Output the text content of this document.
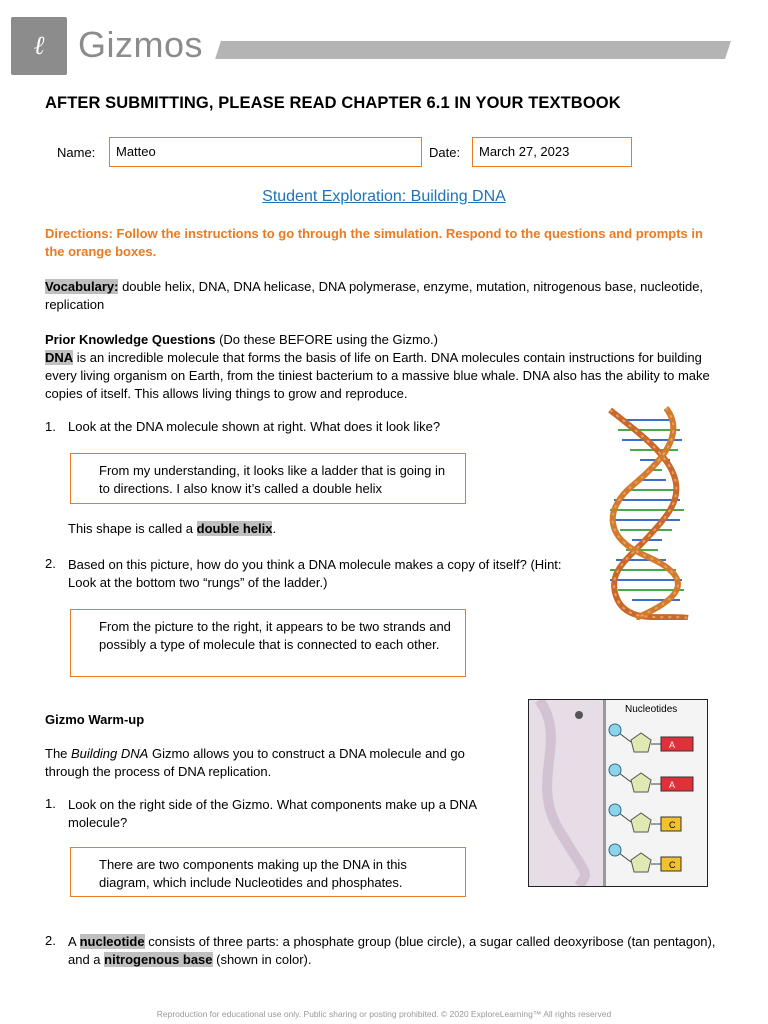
ℓ Gizmos
AFTER SUBMITTING, PLEASE READ CHAPTER 6.1 IN YOUR TEXTBOOK
Name:	Matteo	Date:	March 27, 2023
Student Exploration: Building DNA

Directions: Follow the instructions to go through the simulation. Respond to the questions and prompts in the orange boxes.

Vocabulary: double helix, DNA, DNA helicase, DNA polymerase, enzyme, mutation, nitrogenous base, nucleotide, replication

Prior Knowledge Questions (Do these BEFORE using the Gizmo.)

DNA is an incredible molecule that forms the basis of life on Earth. DNA molecules contain instructions for building every living organism on Earth, from the tiniest bacterium to a massive blue whale. DNA also has the ability to make copies of itself. This allows living things to grow and reproduce.

1. Look at the DNA molecule shown at right. What does it look like?
From my understanding, it looks like a ladder that is going in to directions. I also know it’s called a double helix
This shape is called a double helix.
2. Based on this picture, how do you think a DNA molecule makes a copy of itself? (Hint: Look at the bottom two “rungs” of the ladder.)
From the picture to the right, it appears to be two strands and possibly a type of molecule that is connected to each other.
Gizmo Warm-up

The Building DNA Gizmo allows you to construct a DNA molecule and go through the process of DNA replication.

1. Look on the right side of the Gizmo. What components make up a DNA molecule?
There are two components making up the DNA in this diagram, which include Nucleotides and phosphates.
Nucleotides
A
A
C
C
2. A nucleotide consists of three parts: a phosphate group (blue circle), a sugar called deoxyribose (tan pentagon), and a nitrogenous base (shown in color).

Reproduction for educational use only. Public sharing or posting prohibited. © 2020 ExploreLearning™ All rights reserved
